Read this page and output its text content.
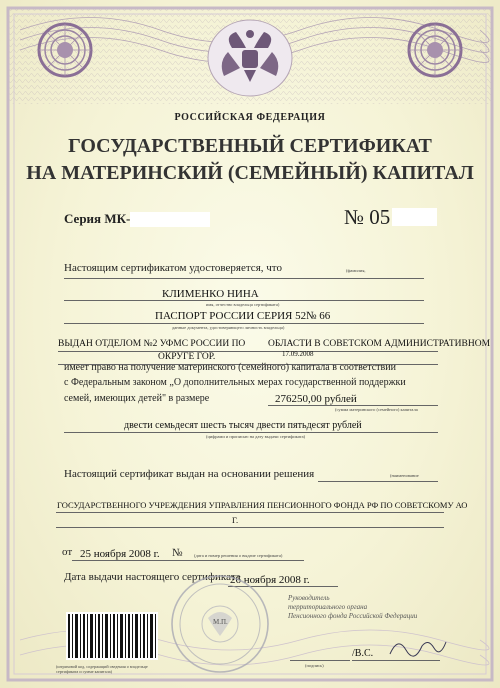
РОССИЙСКАЯ ФЕДЕРАЦИЯ
ГОСУДАРСТВЕННЫЙ СЕРТИФИКАТ
НА МАТЕРИНСКИЙ (СЕМЕЙНЫЙ) КАПИТАЛ
Серия МК-	№ 05
Настоящим сертификатом удостоверяется, что	(фамилия,
КЛИМЕНКО НИНА
имя, отчество владельца сертификата)
ПАСПОРТ РОССИИ СЕРИЯ 52 № 66
данные документа, удостоверяющего личность владельца)
ВЫДАН ОТДЕЛОМ №2 УФМС РОССИИ ПО ОБЛАСТИ В СОВЕТСКОМ АДМИНИСТРАТИВНОМ
ОКРУГЕ ГОР.	17.09.2008
имеет право на получение материнского (семейного) капитала в соответствии
с Федеральным законом „О дополнительных мерах государственной поддержки
семей, имеющих детей" в размере	276250,00 рублей
(сумма материнского (семейного) капитала
двести семьдесят шесть тысяч двести пятьдесят рублей
(цифрами и прописью на дату выдачи сертификата)
Настоящий сертификат выдан на основании решения	(наименование
ГОСУДАРСТВЕННОГО УЧРЕЖДЕНИЯ УПРАВЛЕНИЯ ПЕНСИОННОГО ФОНДА РФ ПО СОВЕТСКОМУ АО
Г.
от 25 ноября 2008 г. №	(дата и номер решения о выдаче сертификата)
Дата выдачи настоящего сертификата
26 ноября 2008 г.
Руководитель
территориального органа
Пенсионного фонда Российской Федерации
(штриховой код, содержащий сведения о владельце сертификата и сумме капитала)
М.П.
(подпись)
/В.С.
